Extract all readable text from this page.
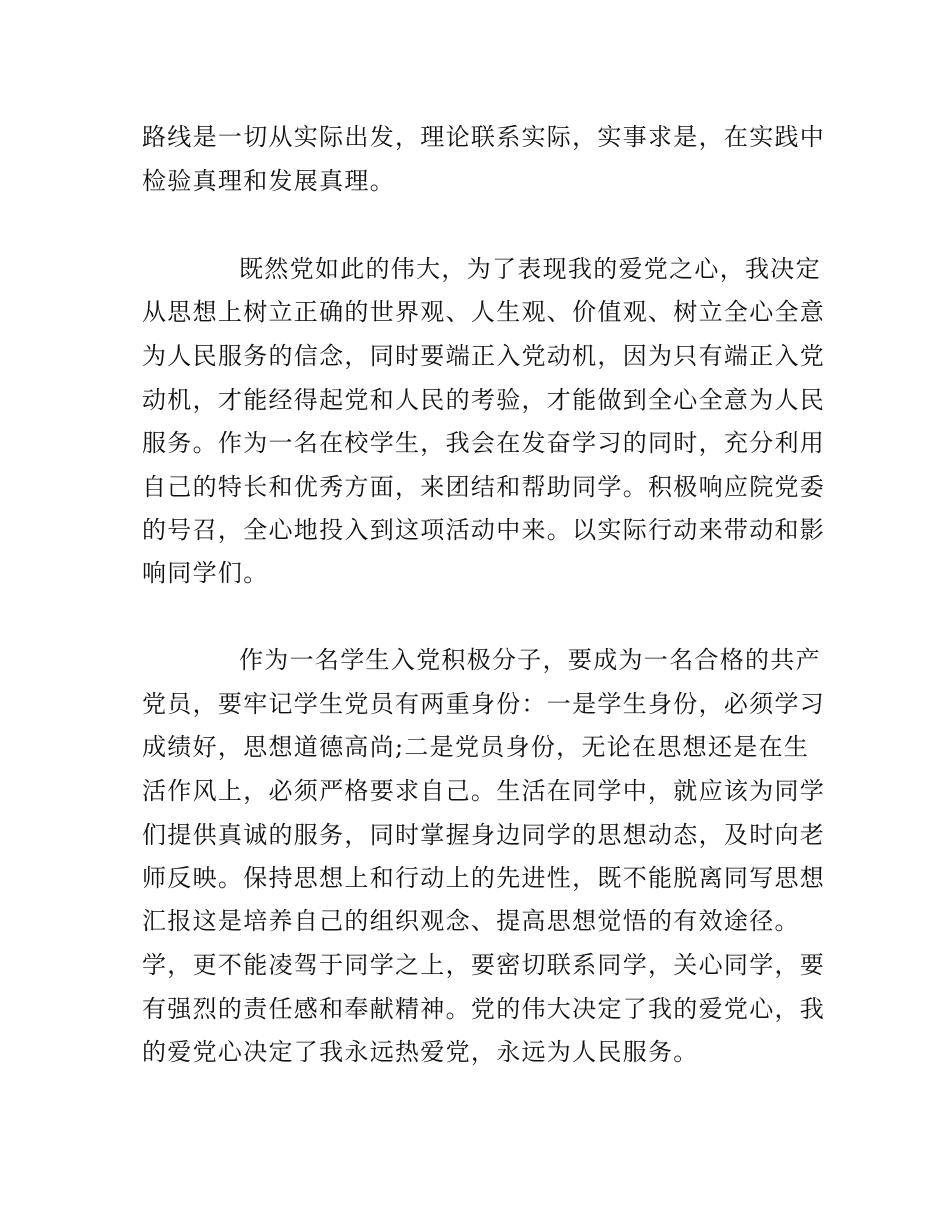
路线是一切从实际出发，理论联系实际，实事求是，在实践中
检验真理和发展真理。
既然党如此的伟大，为了表现我的爱党之心，我决定
从思想上树立正确的世界观、人生观、价值观、树立全心全意
为人民服务的信念，同时要端正入党动机，因为只有端正入党
动机，才能经得起党和人民的考验，才能做到全心全意为人民
服务。作为一名在校学生，我会在发奋学习的同时，充分利用
自己的特长和优秀方面，来团结和帮助同学。积极响应院党委
的号召，全心地投入到这项活动中来。以实际行动来带动和影
响同学们。
作为一名学生入党积极分子，要成为一名合格的共产
党员，要牢记学生党员有两重身份：一是学生身份，必须学习
成绩好，思想道德高尚;二是党员身份，无论在思想还是在生
活作风上，必须严格要求自己。生活在同学中，就应该为同学
们提供真诚的服务，同时掌握身边同学的思想动态，及时向老
师反映。保持思想上和行动上的先进性，既不能脱离同写思想
汇报这是培养自己的组织观念、提高思想觉悟的有效途径。
学，更不能凌驾于同学之上，要密切联系同学，关心同学，要
有强烈的责任感和奉献精神。党的伟大决定了我的爱党心，我
的爱党心决定了我永远热爱党，永远为人民服务。
